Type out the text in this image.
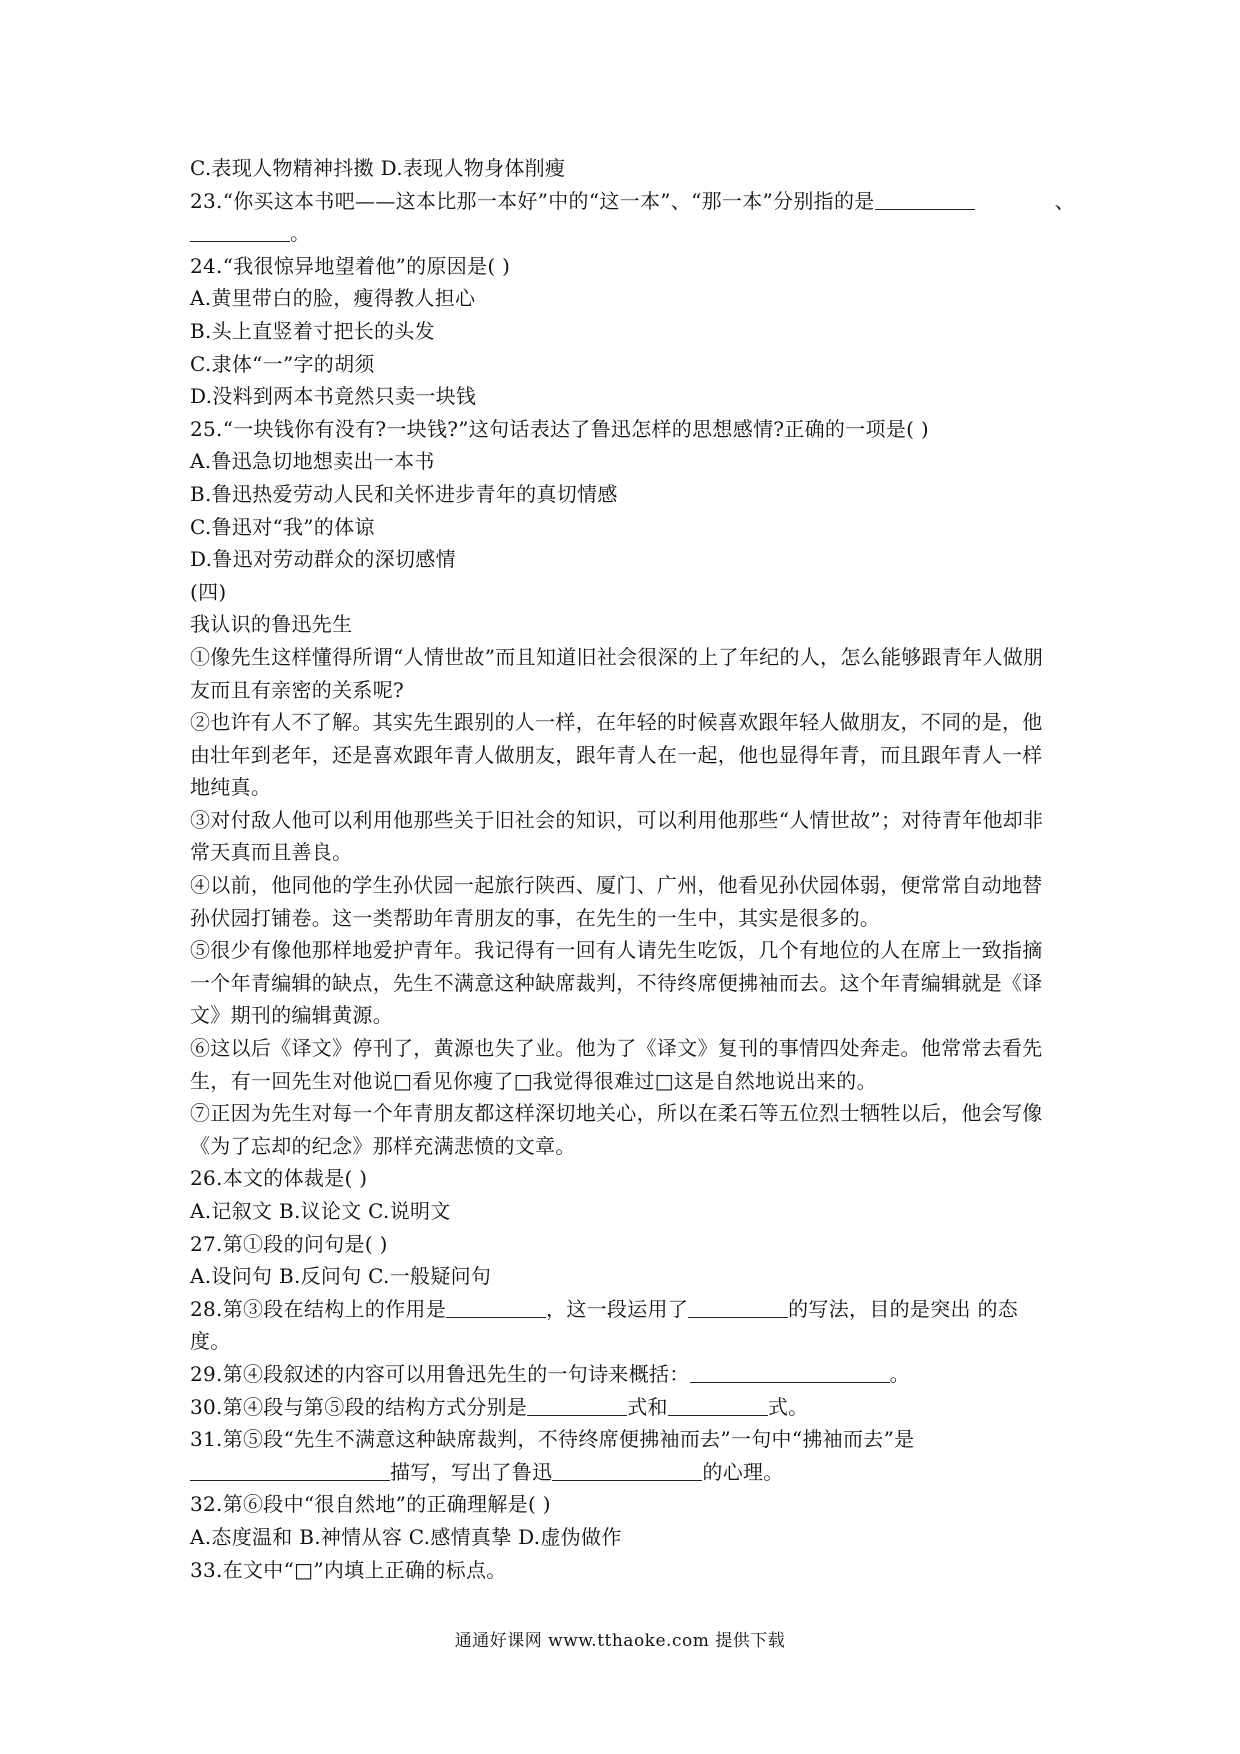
C.表现人物精神抖擞 D.表现人物身体削瘦
23.“你买这本书吧——这本比那一本好”中的“这一本”、“那一本”分别指的是	、
。
24.“我很惊异地望着他”的原因是( )
A.黄里带白的脸，瘦得教人担心
B.头上直竖着寸把长的头发
C.隶体“一”字的胡须
D.没料到两本书竟然只卖一块钱
25.“一块钱你有没有?一块钱?”这句话表达了鲁迅怎样的思想感情?正确的一项是( )
A.鲁迅急切地想卖出一本书
B.鲁迅热爱劳动人民和关怀进步青年的真切情感
C.鲁迅对“我”的体谅
D.鲁迅对劳动群众的深切感情
(四)
我认识的鲁迅先生
①像先生这样懂得所谓“人情世故”而且知道旧社会很深的上了年纪的人，怎么能够跟青年人做朋友而且有亲密的关系呢?
②也许有人不了解。其实先生跟别的人一样，在年轻的时候喜欢跟年轻人做朋友，不同的是，他由壮年到老年，还是喜欢跟年青人做朋友，跟年青人在一起，他也显得年青，而且跟年青人一样地纯真。
③对付敌人他可以利用他那些关于旧社会的知识，可以利用他那些“人情世故”；对待青年他却非常天真而且善良。
④以前，他同他的学生孙伏园一起旅行陕西、厦门、广州，他看见孙伏园体弱，便常常自动地替孙伏园打铺卷。这一类帮助年青朋友的事，在先生的一生中，其实是很多的。
⑤很少有像他那样地爱护青年。我记得有一回有人请先生吃饭，几个有地位的人在席上一致指摘一个年青编辑的缺点，先生不满意这种缺席裁判，不待终席便拂袖而去。这个年青编辑就是《译文》期刊的编辑黄源。
⑥这以后《译文》停刊了，黄源也失了业。他为了《译文》复刊的事情四处奔走。他常常去看先生，有一回先生对他说□看见你瘦了□我觉得很难过□这是自然地说出来的。
⑦正因为先生对每一个年青朋友都这样深切地关心，所以在柔石等五位烈士牺牲以后，他会写像《为了忘却的纪念》那样充满悲愤的文章。
26.本文的体裁是( )
A.记叙文 B.议论文 C.说明文
27.第①段的问句是( )
A.设问句 B.反问句 C.一般疑问句
28.第③段在结构上的作用是	，这一段运用了	的写法，目的是突出 的态
度。
29.第④段叙述的内容可以用鲁迅先生的一句诗来概括：	。
30.第④段与第⑤段的结构方式分别是	式和	式。
31.第⑤段“先生不满意这种缺席裁判，不待终席便拂袖而去”一句中“拂袖而去”是
描写，写出了鲁迅	的心理。
32.第⑥段中“很自然地”的正确理解是( )
A.态度温和 B.神情从容 C.感情真挚 D.虚伪做作
33.在文中“□”内填上正确的标点。
通通好课网 www.tthaoke.com 提供下载
